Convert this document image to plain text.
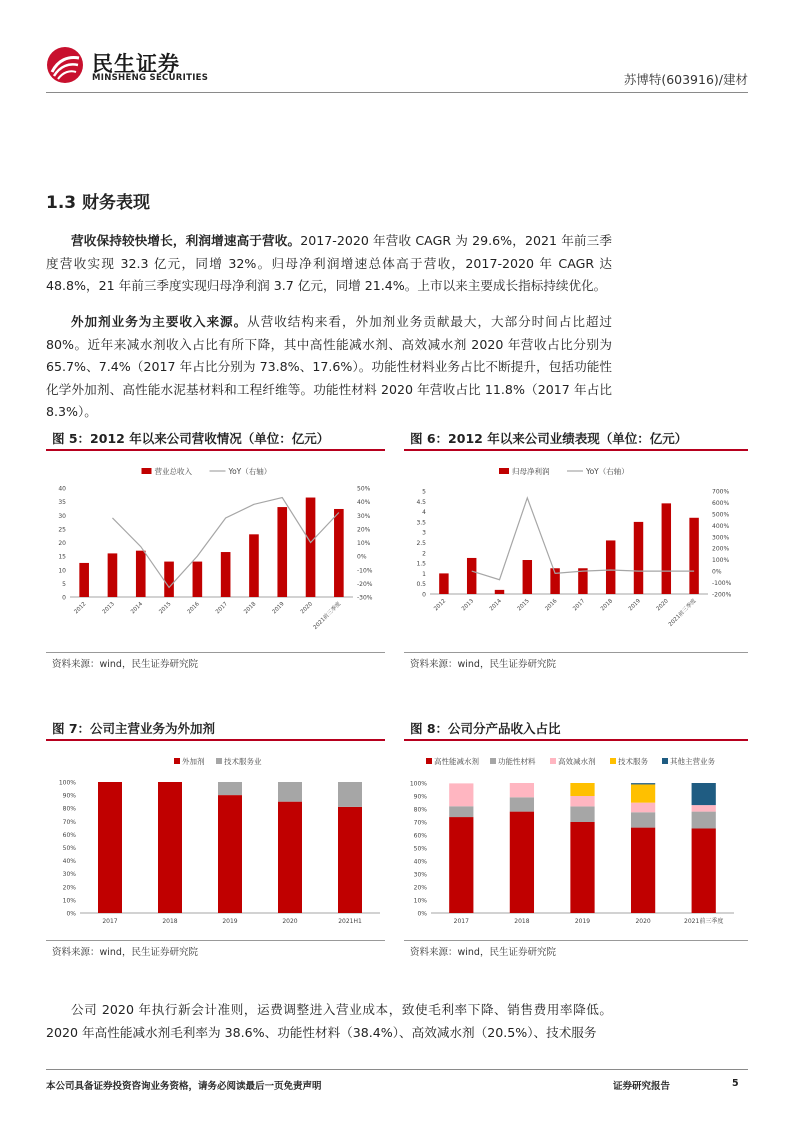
民生证券
MINSHENG SECURITIES	苏博特(603916)/建材
1.3 财务表现
营收保持较快增长，利润增速高于营收。2017-2020 年营收 CAGR 为 29.6%，2021 年前三季度营收实现 32.3 亿元，同增 32%。归母净利润增速总体高于营收，2017-2020 年 CAGR 达 48.8%，21 年前三季度实现归母净利润 3.7 亿元，同增 21.4%。上市以来主要成长指标持续优化。
外加剂业务为主要收入来源。从营收结构来看，外加剂业务贡献最大，大部分时间占比超过 80%。近年来减水剂收入占比有所下降，其中高性能减水剂、高效减水剂 2020 年营收占比分别为 65.7%、7.4%（2017 年占比分别为 73.8%、17.6%）。功能性材料业务占比不断提升，包括功能性化学外加剂、高性能水泥基材料和工程纤维等。功能性材料 2020 年营收占比 11.8%（2017 年占比 8.3%）。
图 5：2012 年以来公司营收情况（单位：亿元）
营业总收入	YoY（右轴）
0
5
10
15
20
25
30
35
40
-30%
-20%
-10%
0%
10%
20%
30%
40%
50%
2012	2013	2014	2015	2016	2017	2018	2019	2020
2021前三季度
资料来源：wind，民生证券研究院
图 6：2012 年以来公司业绩表现（单位：亿元）
归母净利润	YoY（右轴）
0
0.5
1
1.5
2
2.5
3
3.5
4
4.5
5
-200%
-100%
0%
100%
200%
300%
400%
500%
600%
700%
2012 2013 2014 2015 2016 2017 2018 2019 2020
2021前三季度
资料来源：wind，民生证券研究院
图 7：公司主营业务为外加剂
外加剂	技术服务业
0%
10%
20%
30%
40%
50%
60%
70%
80%
90%
100%
2017	2018	2019	2020	2021H1
资料来源：wind，民生证券研究院
图 8：公司分产品收入占比
高性能减水剂	功能性材料	高效减水剂	技术服务	其他主营业务
0%
10%
20%
30%
40%
50%
60%
70%
80%
90%
100%
2017	2018	2019	2020	2021前三季度
资料来源：wind，民生证券研究院
公司 2020 年执行新会计准则，运费调整进入营业成本，致使毛利率下降、销售费用率降低。2020 年高性能减水剂毛利率为 38.6%、功能性材料（38.4%）、高效减水剂（20.5%）、技术服务
本公司具备证券投资咨询业务资格，请务必阅读最后一页免责声明	证券研究报告	5
